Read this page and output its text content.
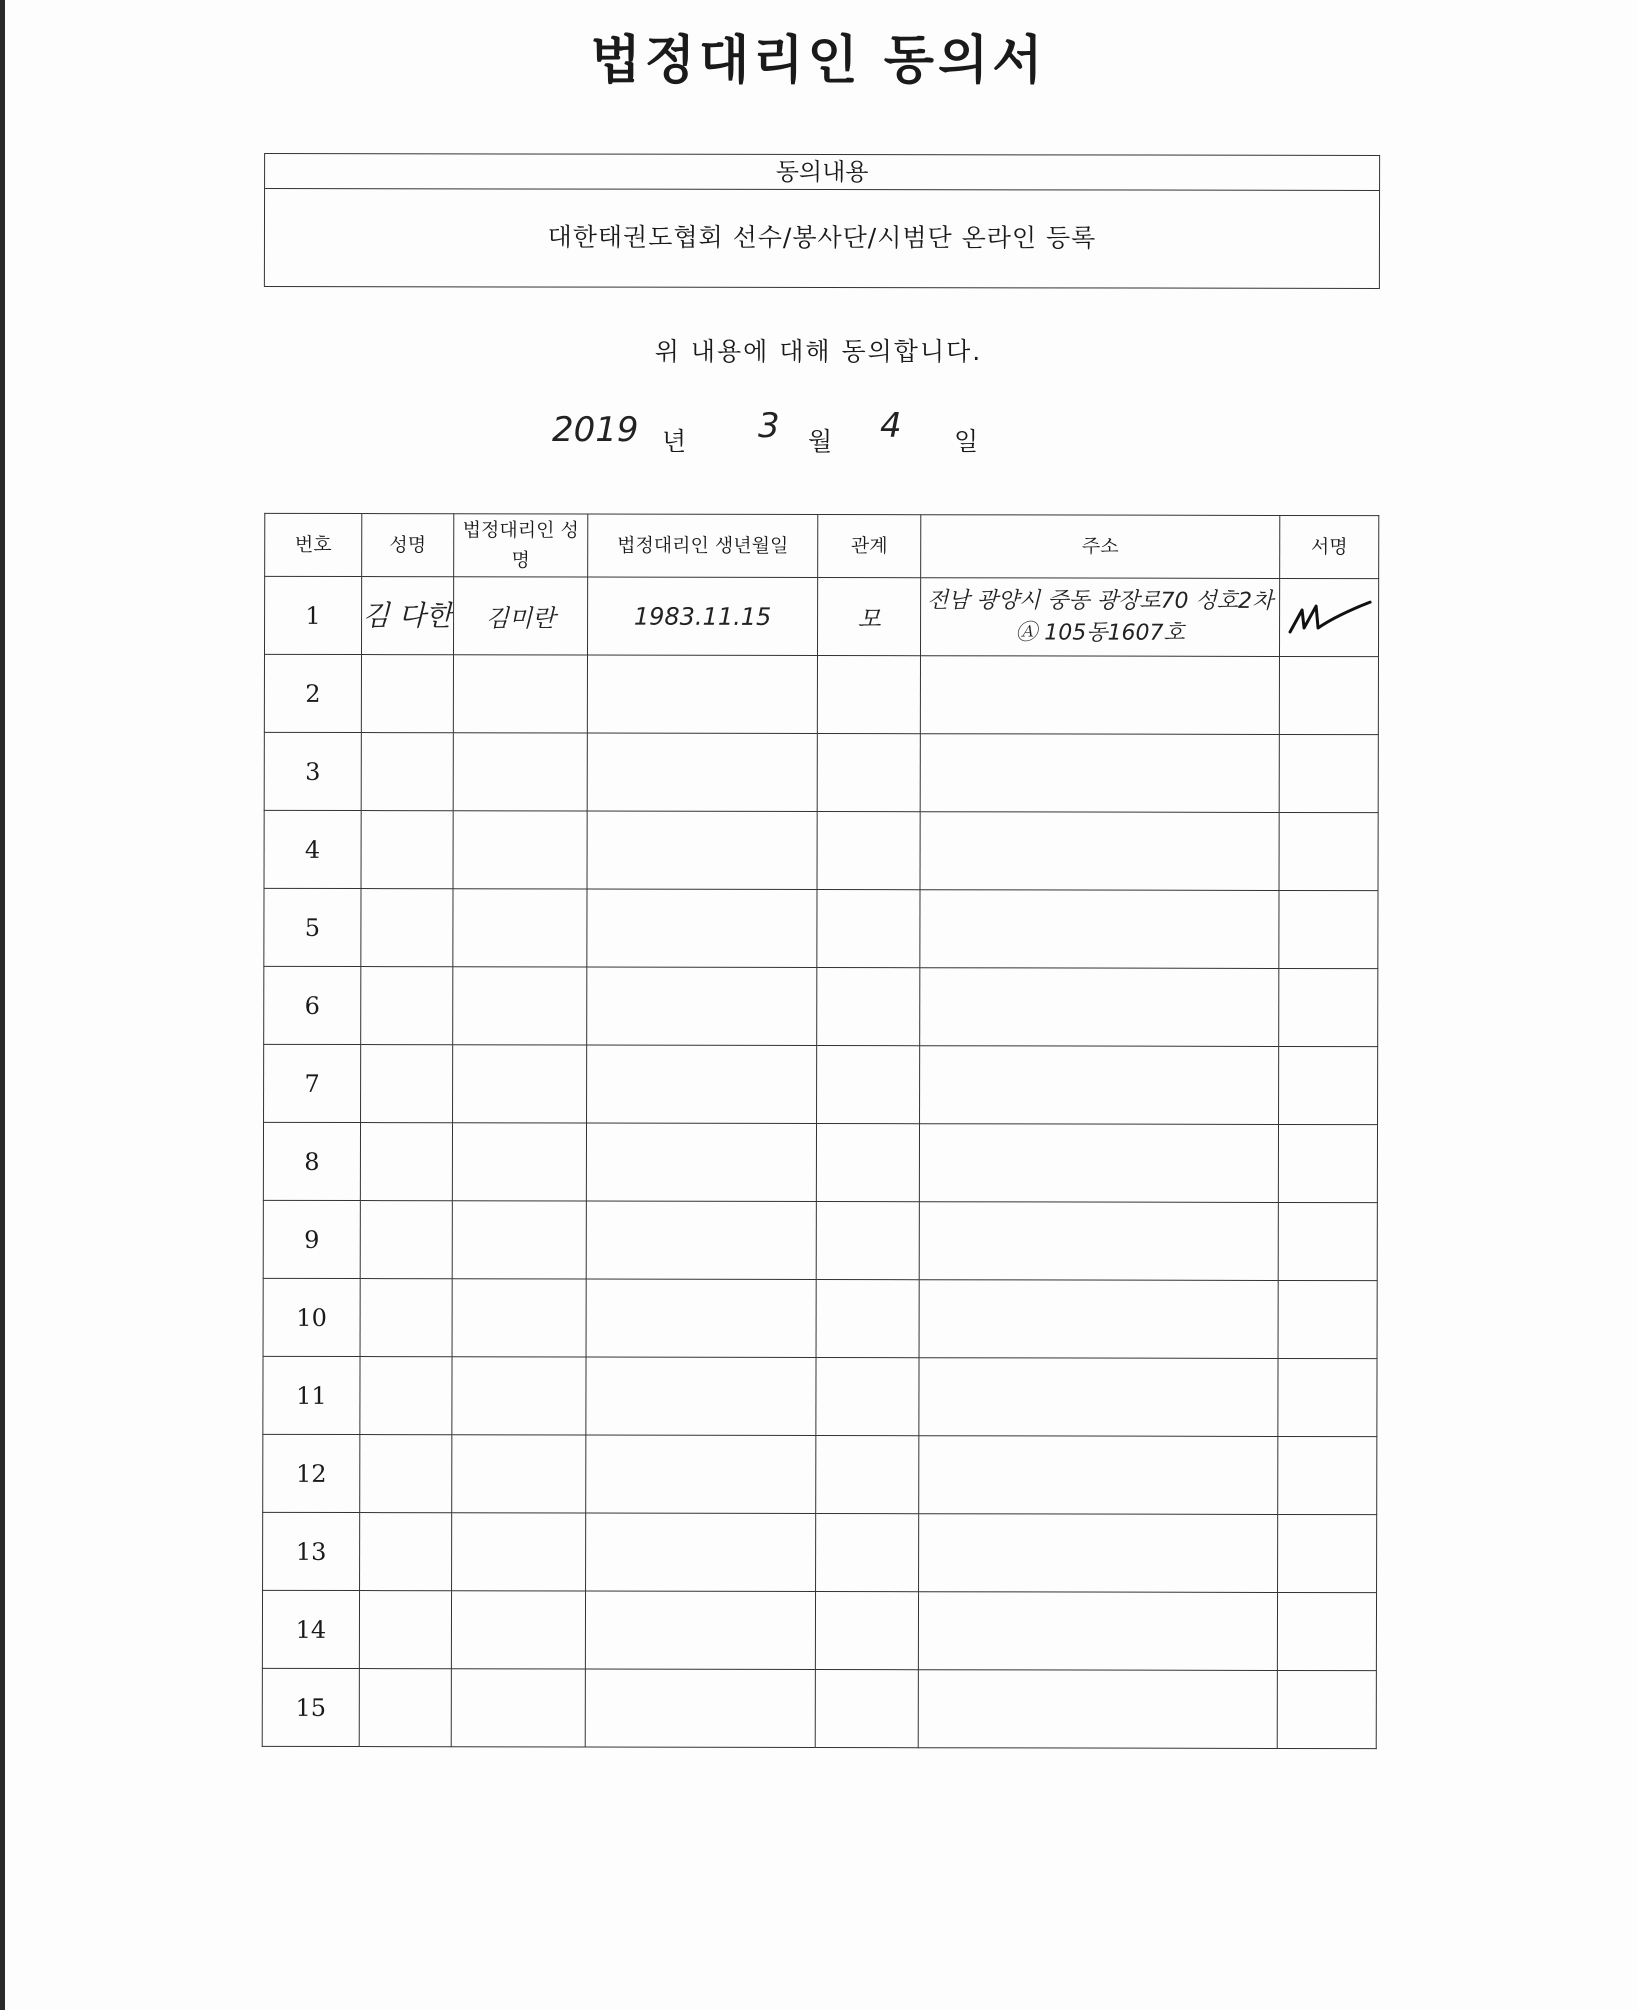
법정대리인 동의서
동의내용
대한태권도협회 선수/봉사단/시범단 온라인 등록
위 내용에 대해 동의합니다.
2019 년 3 월 4 일
번호	성명	법정대리인 성명	법정대리인 생년월일	관계	주소	서명
1	김 다한	김미란	1983.11.15	모	전남 광양시 중동 광장로70 성호2차Ⓐ 105동1607호	

2						
3						
4						
5						
6						
7						
8						
9						
10						
11						
12						
13						
14						
15						
